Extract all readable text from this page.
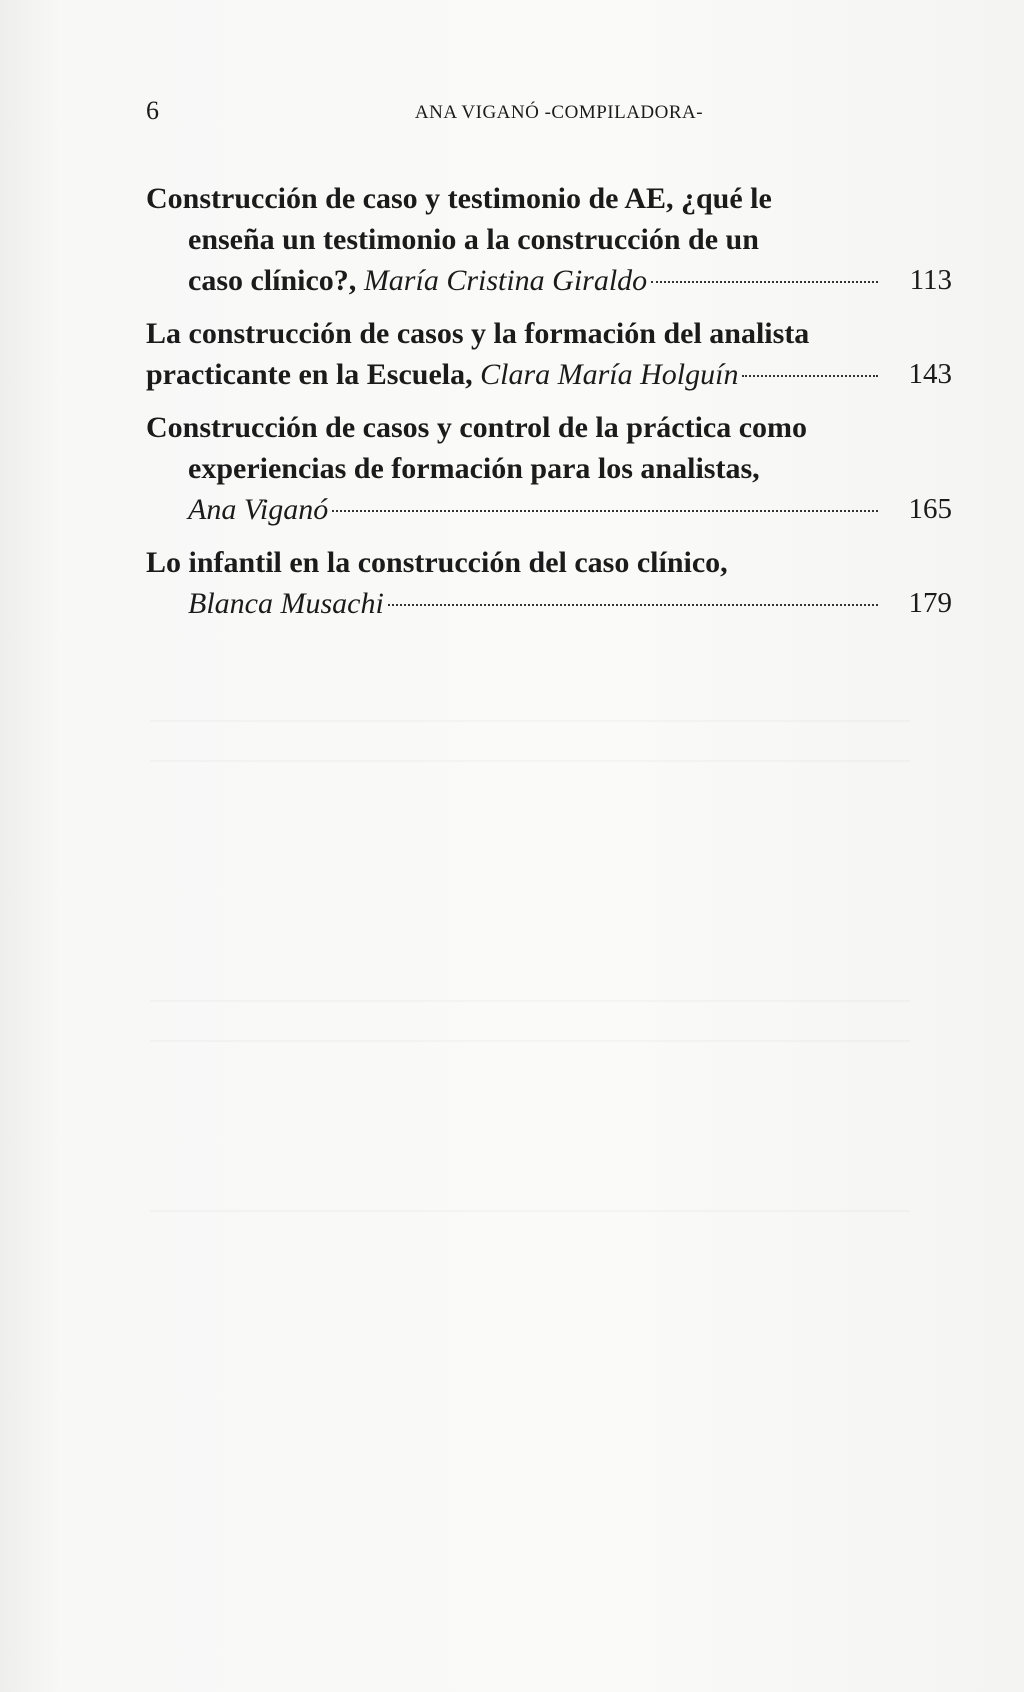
6	ANA VIGANÓ -COMPILADORA-
Construcción de caso y testimonio de AE, ¿qué le
enseña un testimonio a la construcción de un
caso clínico?,
María Cristina Giraldo	113
La construcción de casos y la formación del analista
practicante en la Escuela,
Clara María Holguín	143
Construcción de casos y control de la práctica como
experiencias de formación para los analistas,
Ana Viganó	165
Lo infantil en la construcción del caso clínico,
Blanca Musachi	179
